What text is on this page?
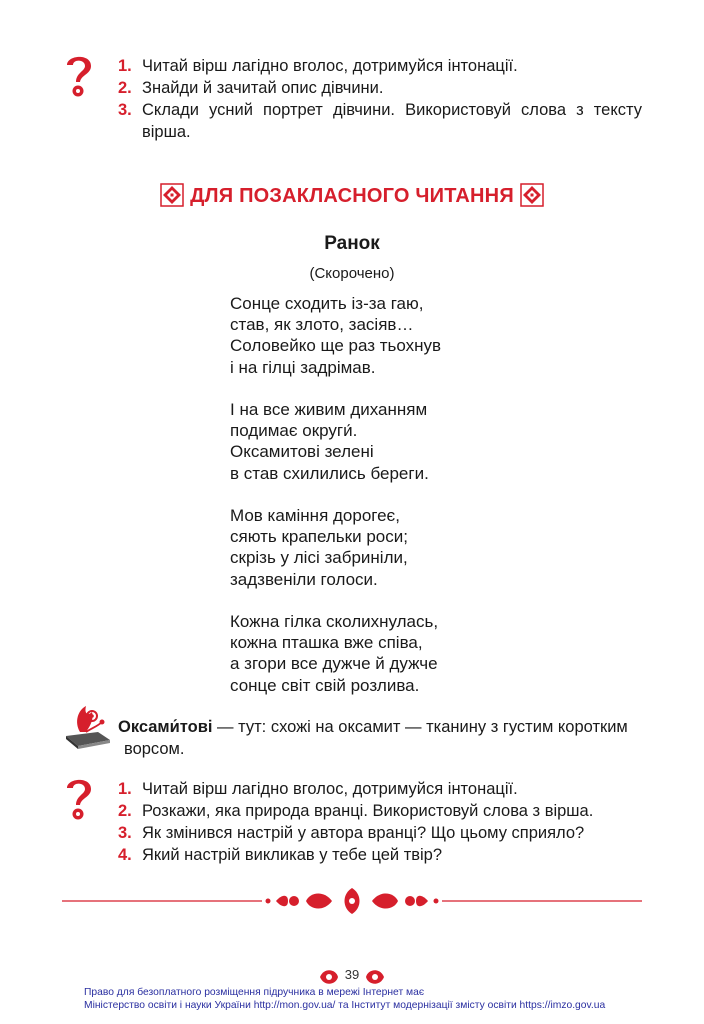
1. Читай вірш лагідно вголос, дотримуйся інтонації.
2. Знайди й зачитай опис дівчини.
3. Склади усний портрет дівчини. Використовуй слова з тексту вірша.
ДЛЯ ПОЗАКЛАСНОГО ЧИТАННЯ
Ранок
(Скорочено)
Сонце сходить із-за гаю,
став, як злото, засіяв…
Соловейко ще раз тьохнув
і на гілці задрімав.
І на все живим диханням
подимає округи́.
Оксамитові зелені
в став схилились береги.
Мов каміння дорогеє,
сяють крапельки роси;
скрізь у лісі забриніли,
задзвеніли голоси.
Кожна гілка сколихнулась,
кожна пташка вже співа,
а згори все дужче й дужче
сонце світ свій розлива.
Оксами́тові — тут: схожі на оксамит — тканину з густим коротким
ворсом.
1. Читай вірш лагідно вголос, дотримуйся інтонації.
2. Розкажи, яка природа вранці. Використовуй слова з вірша.
3. Як змінився настрій у автора вранці? Що цьому сприяло?
4. Який настрій викликав у тебе цей твір?
39
Право для безоплатного розміщення підручника в мережі Інтернет має
Міністерство освіти і науки України http://mon.gov.ua/ та Інститут модернізації змісту освіти https://imzo.gov.ua
